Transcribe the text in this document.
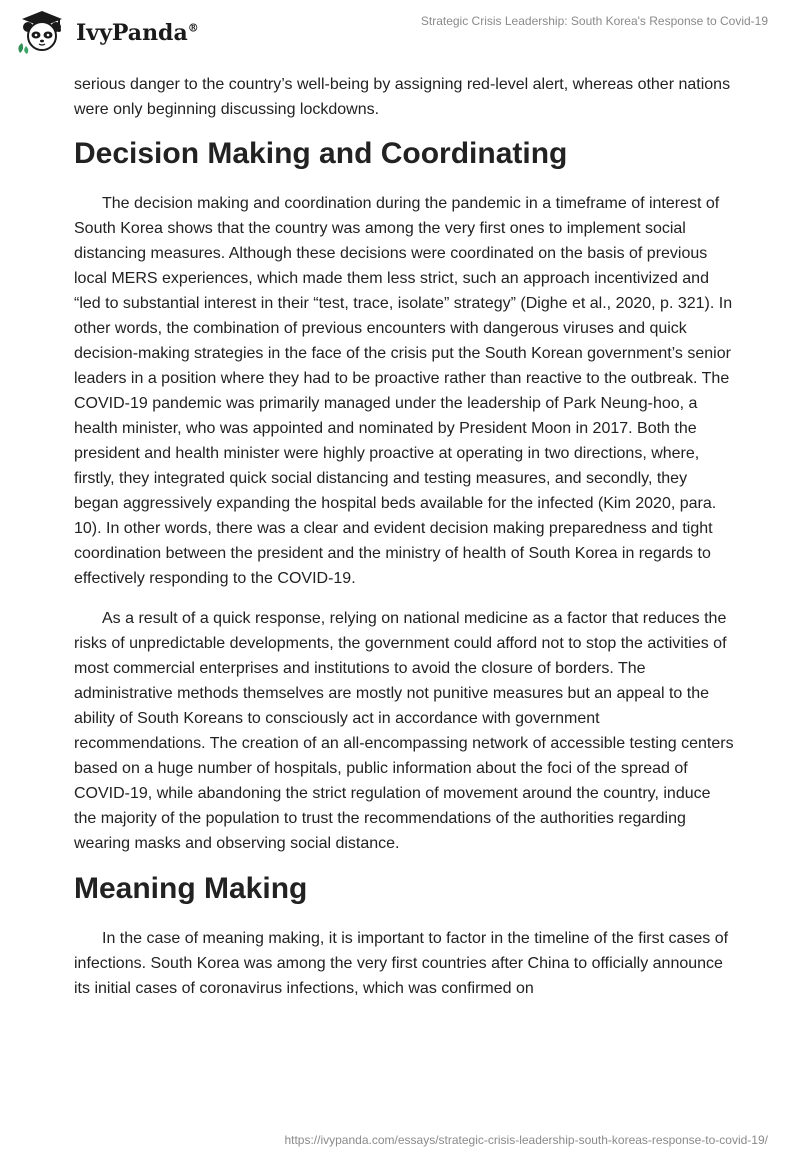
IvyPanda®
Strategic Crisis Leadership: South Korea's Response to Covid-19

serious danger to the country’s well-being by assigning red-level alert, whereas other nations were only beginning discussing lockdowns.

Decision Making and Coordinating

The decision making and coordination during the pandemic in a timeframe of interest of South Korea shows that the country was among the very first ones to implement social distancing measures. Although these decisions were coordinated on the basis of previous local MERS experiences, which made them less strict, such an approach incentivized and “led to substantial interest in their “test, trace, isolate” strategy” (Dighe et al., 2020, p. 321). In other words, the combination of previous encounters with dangerous viruses and quick decision-making strategies in the face of the crisis put the South Korean government’s senior leaders in a position where they had to be proactive rather than reactive to the outbreak. The COVID-19 pandemic was primarily managed under the leadership of Park Neung-hoo, a health minister, who was appointed and nominated by President Moon in 2017. Both the president and health minister were highly proactive at operating in two directions, where, firstly, they integrated quick social distancing and testing measures, and secondly, they began aggressively expanding the hospital beds available for the infected (Kim 2020, para. 10). In other words, there was a clear and evident decision making preparedness and tight coordination between the president and the ministry of health of South Korea in regards to effectively responding to the COVID-19.

As a result of a quick response, relying on national medicine as a factor that reduces the risks of unpredictable developments, the government could afford not to stop the activities of most commercial enterprises and institutions to avoid the closure of borders. The administrative methods themselves are mostly not punitive measures but an appeal to the ability of South Koreans to consciously act in accordance with government recommendations. The creation of an all-encompassing network of accessible testing centers based on a huge number of hospitals, public information about the foci of the spread of COVID-19, while abandoning the strict regulation of movement around the country, induce the majority of the population to trust the recommendations of the authorities regarding wearing masks and observing social distance.

Meaning Making

In the case of meaning making, it is important to factor in the timeline of the first cases of infections. South Korea was among the very first countries after China to officially announce its initial cases of coronavirus infections, which was confirmed on

https://ivypanda.com/essays/strategic-crisis-leadership-south-koreas-response-to-covid-19/
